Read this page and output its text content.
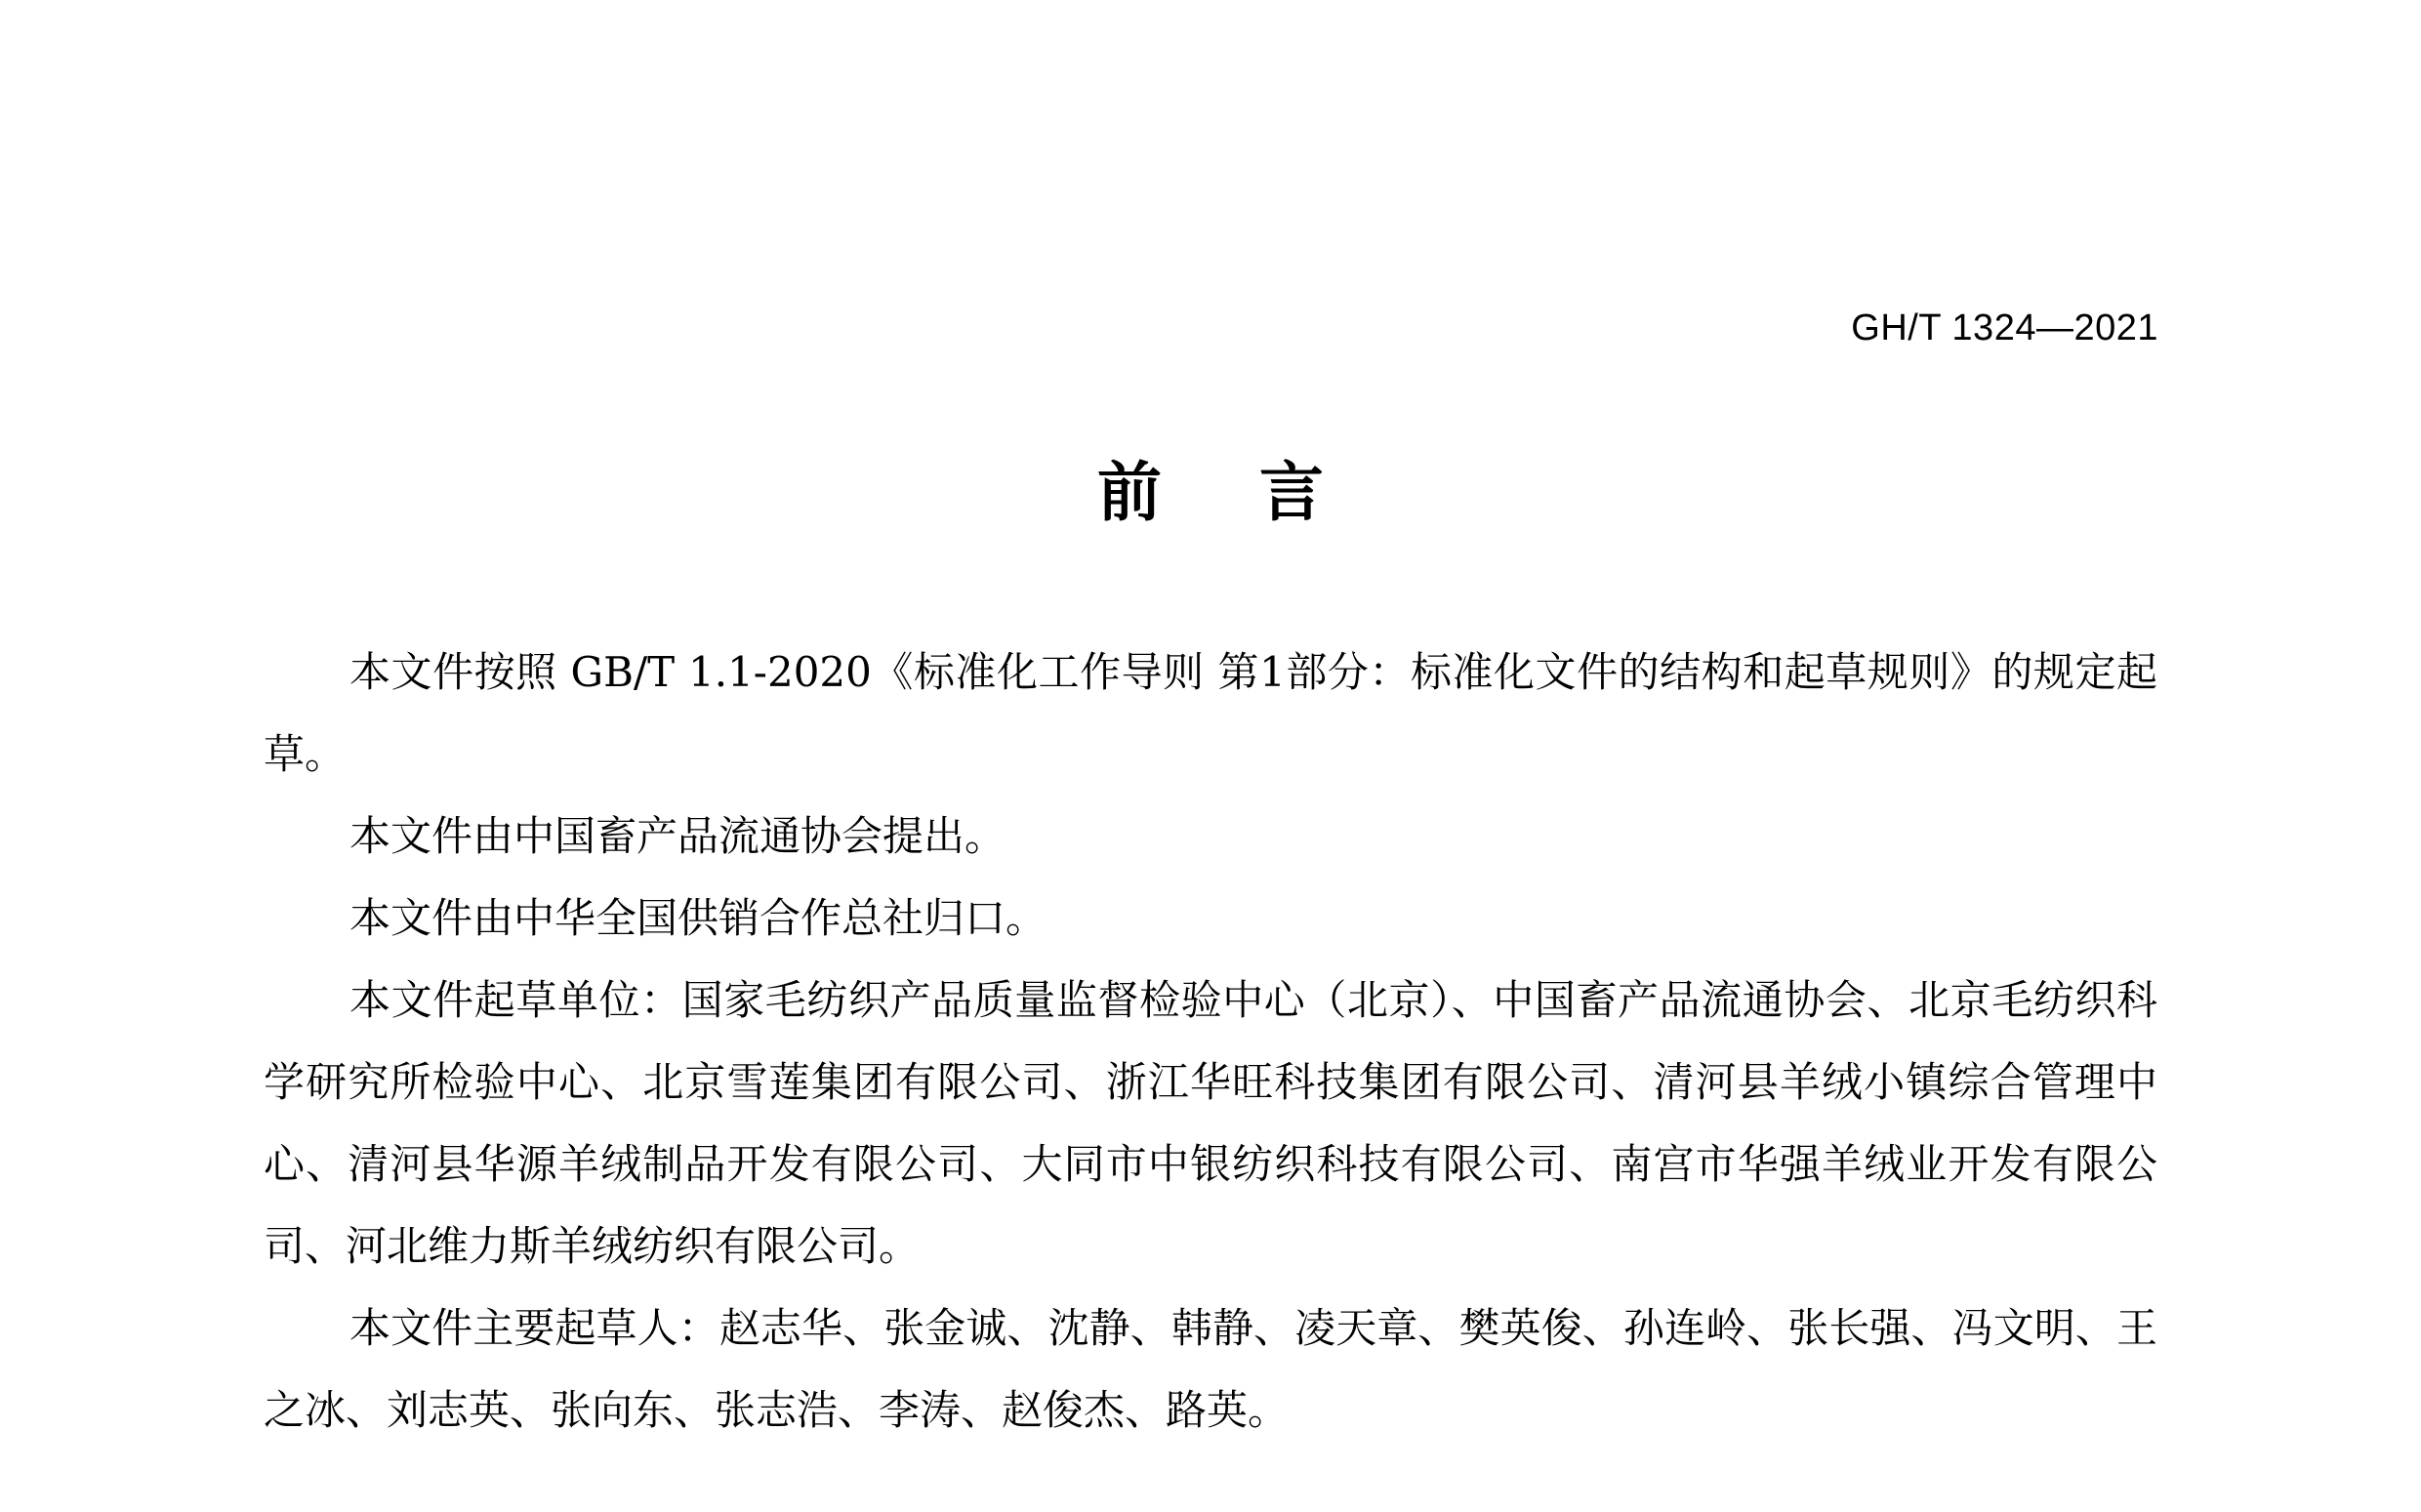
GH/T 1324—2021
前言

本文件按照 GB/T 1.1-2020《标准化工作导则 第1部分：标准化文件的结构和起草规则》的规定起草。

本文件由中国畜产品流通协会提出。

本文件由中华全国供销合作总社归口。

本文件起草单位：国家毛纺织产品质量监督检验中心（北京）、中国畜产品流通协会、北京毛纺织科学研究所检验中心、北京雪莲集团有限公司、浙江华旺科技集团有限公司、清河县羊绒小镇综合管理中心、清河县华源羊绒制品开发有限公司、大同市中银纺织科技有限公司、南宫市华强羊绒业开发有限公司、河北维力斯羊绒纺织有限公司。

本文件主要起草人：赵志华、张金诚、沈静、韩静、凌天章、樊英俊、孙连岭、张长强、冯文明、王之冰、刘志英、张向东、张志浩、李涛、赵俊杰、路英。
